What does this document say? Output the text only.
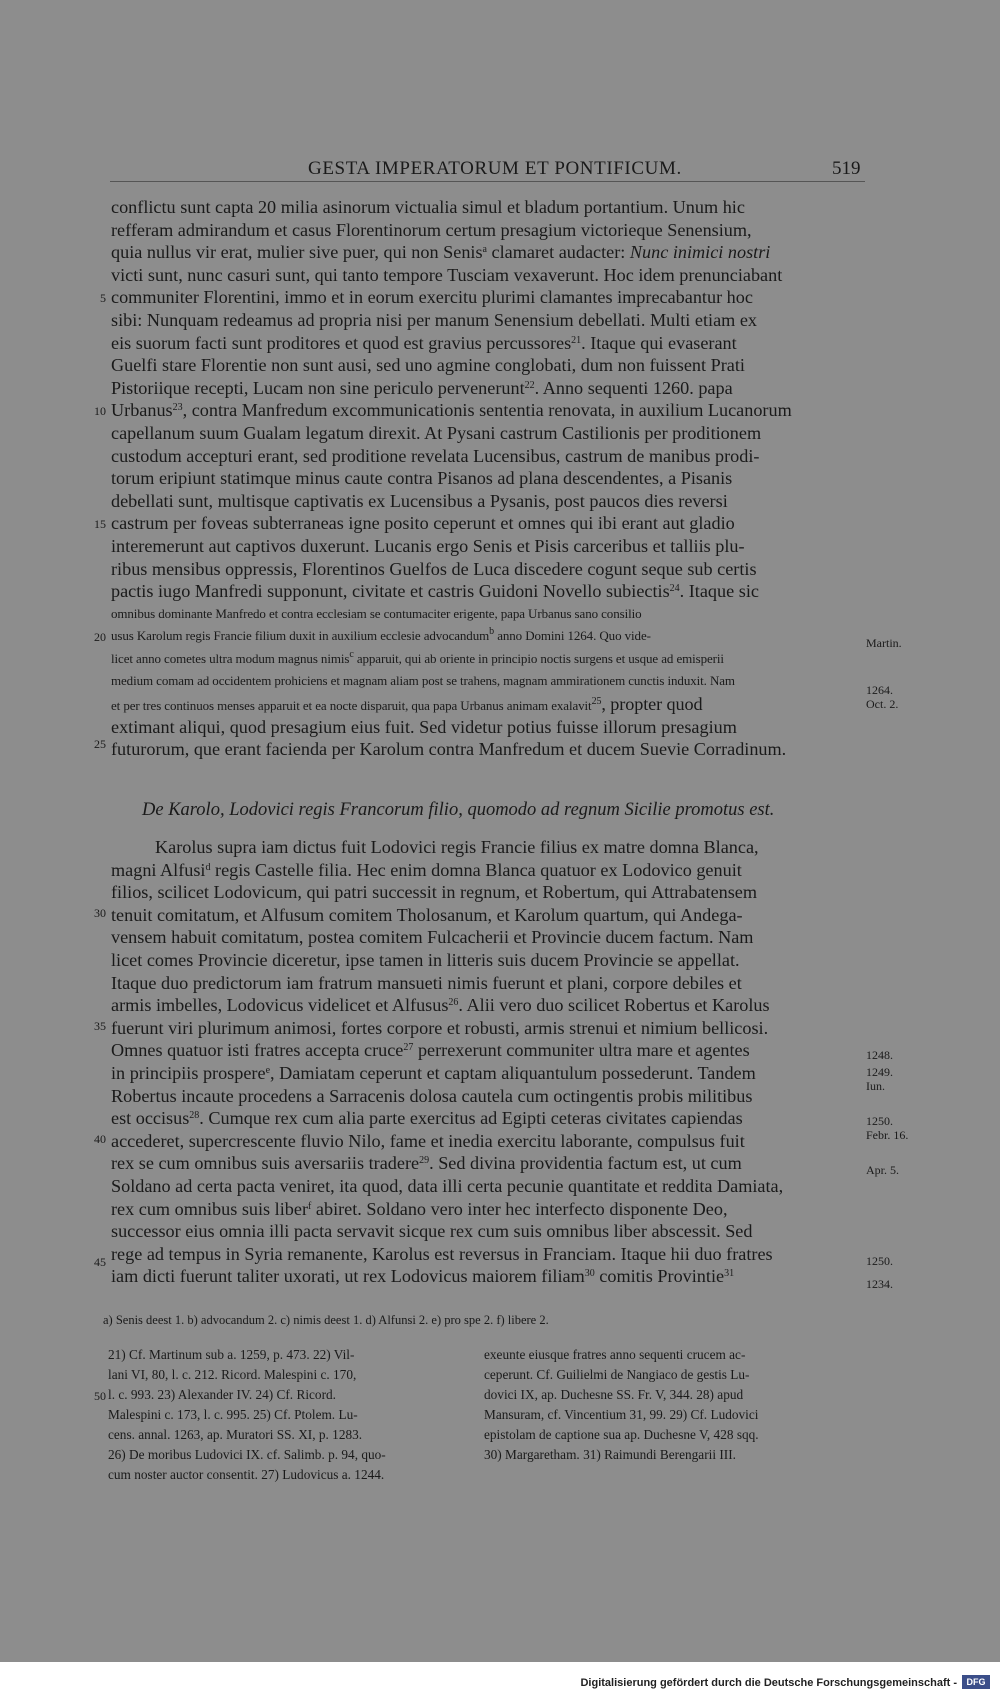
GESTA IMPERATORUM ET PONTIFICUM.	519
conflictu sunt capta 20 milia asinorum victualia simul et bladum portantium. Unum hic
refferam admirandum et casus Florentinorum certum presagium victorieque Senensium,
quia nullus vir erat, mulier sive puer, qui non Senis$^a$ clamaret audacter: Nunc inimici nostri
victi sunt, nunc casuri sunt, qui tanto tempore Tusciam vexaverunt. Hoc idem prenunciabant
communiter Florentini, immo et in eorum exercitu plurimi clamantes imprecabantur hoc
sibi: Nunquam redeamus ad propria nisi per manum Senensium debellati. Multi etiam ex
eis suorum facti sunt proditores et quod est gravius percussores$^{21}$. Itaque qui evaserant
Guelfi stare Florentie non sunt ausi, sed uno agmine conglobati, dum non fuissent Prati
Pistoriique recepti, Lucam non sine periculo pervenerunt$^{22}$. Anno sequenti 1260. papa
Urbanus$^{23}$, contra Manfredum excommunicationis sententia renovata, in auxilium Lucanorum
capellanum suum Gualam legatum direxit. At Pysani castrum Castilionis per proditionem
custodum accepturi erant, sed proditione revelata Lucensibus, castrum de manibus prodi-
torum eripiunt statimque minus caute contra Pisanos ad plana descendentes, a Pisanis
debellati sunt, multisque captivatis ex Lucensibus a Pysanis, post paucos dies reversi
castrum per foveas subterraneas igne posito ceperunt et omnes qui ibi erant aut gladio
interemerunt aut captivos duxerunt. Lucanis ergo Senis et Pisis carceribus et talliis plu-
ribus mensibus oppressis, Florentinos Guelfos de Luca discedere cogunt seque sub certis
pactis iugo Manfredi supponunt, civitate et castris Guidoni Novello subiectis$^{24}$. Itaque sic
omnibus dominante Manfredo et contra ecclesiam se contumaciter erigente, papa Urbanus sano consilio
usus Karolum regis Francie filium duxit in auxilium ecclesie advocandum$^b$ anno Domini 1264. Quo vide-
licet anno cometes ultra modum magnus nimis$^c$ apparuit, qui ab oriente in principio noctis surgens et usque ad emisperii
medium comam ad occidentem prohiciens et magnam aliam post se trahens, magnam ammirationem cunctis induxit. Nam
et per tres continuos menses apparuit et ea nocte disparuit, qua papa Urbanus animam exalavit$^{25}$, propter quod
extimant aliqui, quod presagium eius fuit. Sed videtur potius fuisse illorum presagium
futurorum, que erant facienda per Karolum contra Manfredum et ducem Suevie Corradinum.
De Karolo, Lodovici regis Francorum filio, quomodo ad regnum Sicilie promotus est.
Karolus supra iam dictus fuit Lodovici regis Francie filius ex matre domna Blanca,
magni Alfusi$^d$ regis Castelle filia. Hec enim domna Blanca quatuor ex Lodovico genuit
filios, scilicet Lodovicum, qui patri successit in regnum, et Robertum, qui Attrabatensem
tenuit comitatum, et Alfusum comitem Tholosanum, et Karolum quartum, qui Andega-
vensem habuit comitatum, postea comitem Fulcacherii et Provincie ducem factum. Nam
licet comes Provincie diceretur, ipse tamen in litteris suis ducem Provincie se appellat.
Itaque duo predictorum iam fratrum mansueti nimis fuerunt et plani, corpore debiles et
armis imbelles, Lodovicus videlicet et Alfusus$^{26}$. Alii vero duo scilicet Robertus et Karolus
fuerunt viri plurimum animosi, fortes corpore et robusti, armis strenui et nimium bellicosi.
Omnes quatuor isti fratres accepta cruce$^{27}$ perrexerunt communiter ultra mare et agentes
in principiis prospere$^e$, Damiatam ceperunt et captam aliquantulum possederunt. Tandem
Robertus incaute procedens a Sarracenis dolosa cautela cum octingentis probis militibus
est occisus$^{28}$. Cumque rex cum alia parte exercitus ad Egipti ceteras civitates capiendas
accederet, supercrescente fluvio Nilo, fame et inedia exercitu laborante, compulsus fuit
rex se cum omnibus suis aversariis tradere$^{29}$. Sed divina providentia factum est, ut cum
Soldano ad certa pacta veniret, ita quod, data illi certa pecunie quantitate et reddita Damiata,
rex cum omnibus suis liber$^f$ abiret. Soldano vero inter hec interfecto disponente Deo,
successor eius omnia illi pacta servavit sicque rex cum suis omnibus liber abscessit. Sed
rege ad tempus in Syria remanente, Karolus est reversus in Franciam. Itaque hii duo fratres
iam dicti fuerunt taliter uxorati, ut rex Lodovicus maiorem filiam$^{30}$ comitis Provintie$^{31}$
5
10
15
20
25
30
35
40
45
50
Martin.
1264.
Oct. 2.
1248.
1249.
Iun.
1250.
Febr. 16.
Apr. 5.
1250.
1234.
a) Senis deest 1. b) advocandum 2. c) nimis deest 1. d) Alfunsi 2. e) pro spe 2. f) libere 2.
21) Cf. Martinum sub a. 1259, p. 473. 22) Vil-
lani VI, 80, l. c. 212. Ricord. Malespini c. 170,
l. c. 993. 23) Alexander IV. 24) Cf. Ricord.
Malespini c. 173, l. c. 995. 25) Cf. Ptolem. Lu-
cens. annal. 1263, ap. Muratori SS. XI, p. 1283.
26) De moribus Ludovici IX. cf. Salimb. p. 94, quo-
cum noster auctor consentit. 27) Ludovicus a. 1244.
exeunte eiusque fratres anno sequenti crucem ac-
ceperunt. Cf. Guilielmi de Nangiaco de gestis Lu-
dovici IX, ap. Duchesne SS. Fr. V, 344. 28) apud
Mansuram, cf. Vincentium 31, 99. 29) Cf. Ludovici
epistolam de captione sua ap. Duchesne V, 428 sqq.
30) Margaretham. 31) Raimundi Berengarii III.
Digitalisierung gefördert durch die Deutsche Forschungsgemeinschaft -	DFG
